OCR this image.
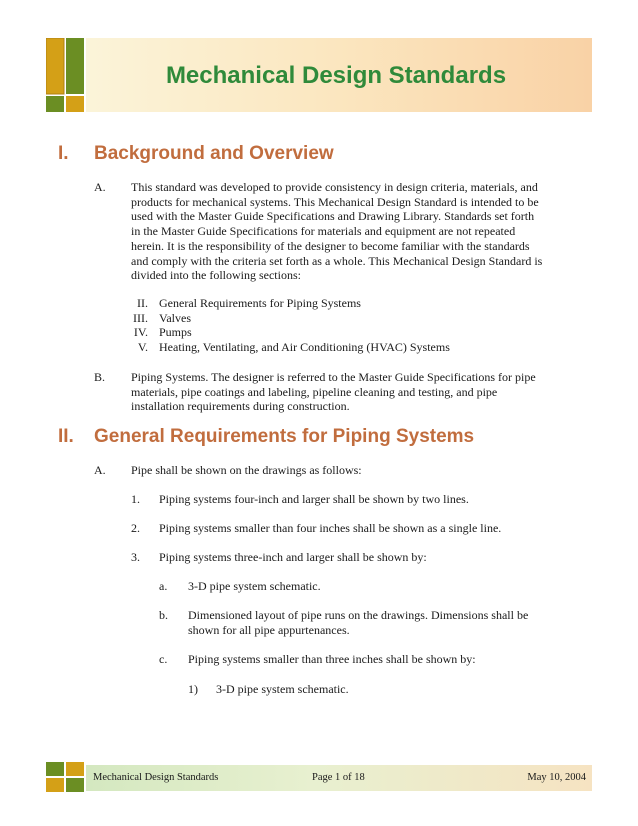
Mechanical Design Standards
I. Background and Overview
A. This standard was developed to provide consistency in design criteria, materials, and
products for mechanical systems. This Mechanical Design Standard is intended to be
used with the Master Guide Specifications and Drawing Library. Standards set forth
in the Master Guide Specifications for materials and equipment are not repeated
herein. It is the responsibility of the designer to become familiar with the standards
and comply with the criteria set forth as a whole. This Mechanical Design Standard is
divided into the following sections:
II. General Requirements for Piping Systems
III. Valves
IV. Pumps
V. Heating, Ventilating, and Air Conditioning (HVAC) Systems
B. Piping Systems. The designer is referred to the Master Guide Specifications for pipe
materials, pipe coatings and labeling, pipeline cleaning and testing, and pipe
installation requirements during construction.
II. General Requirements for Piping Systems
A. Pipe shall be shown on the drawings as follows:
1. Piping systems four-inch and larger shall be shown by two lines.
2. Piping systems smaller than four inches shall be shown as a single line.
3. Piping systems three-inch and larger shall be shown by:
a. 3-D pipe system schematic.
b. Dimensioned layout of pipe runs on the drawings. Dimensions shall be
shown for all pipe appurtenances.
c. Piping systems smaller than three inches shall be shown by:
1) 3-D pipe system schematic.
Mechanical Design Standards	Page 1 of 18	May 10, 2004
